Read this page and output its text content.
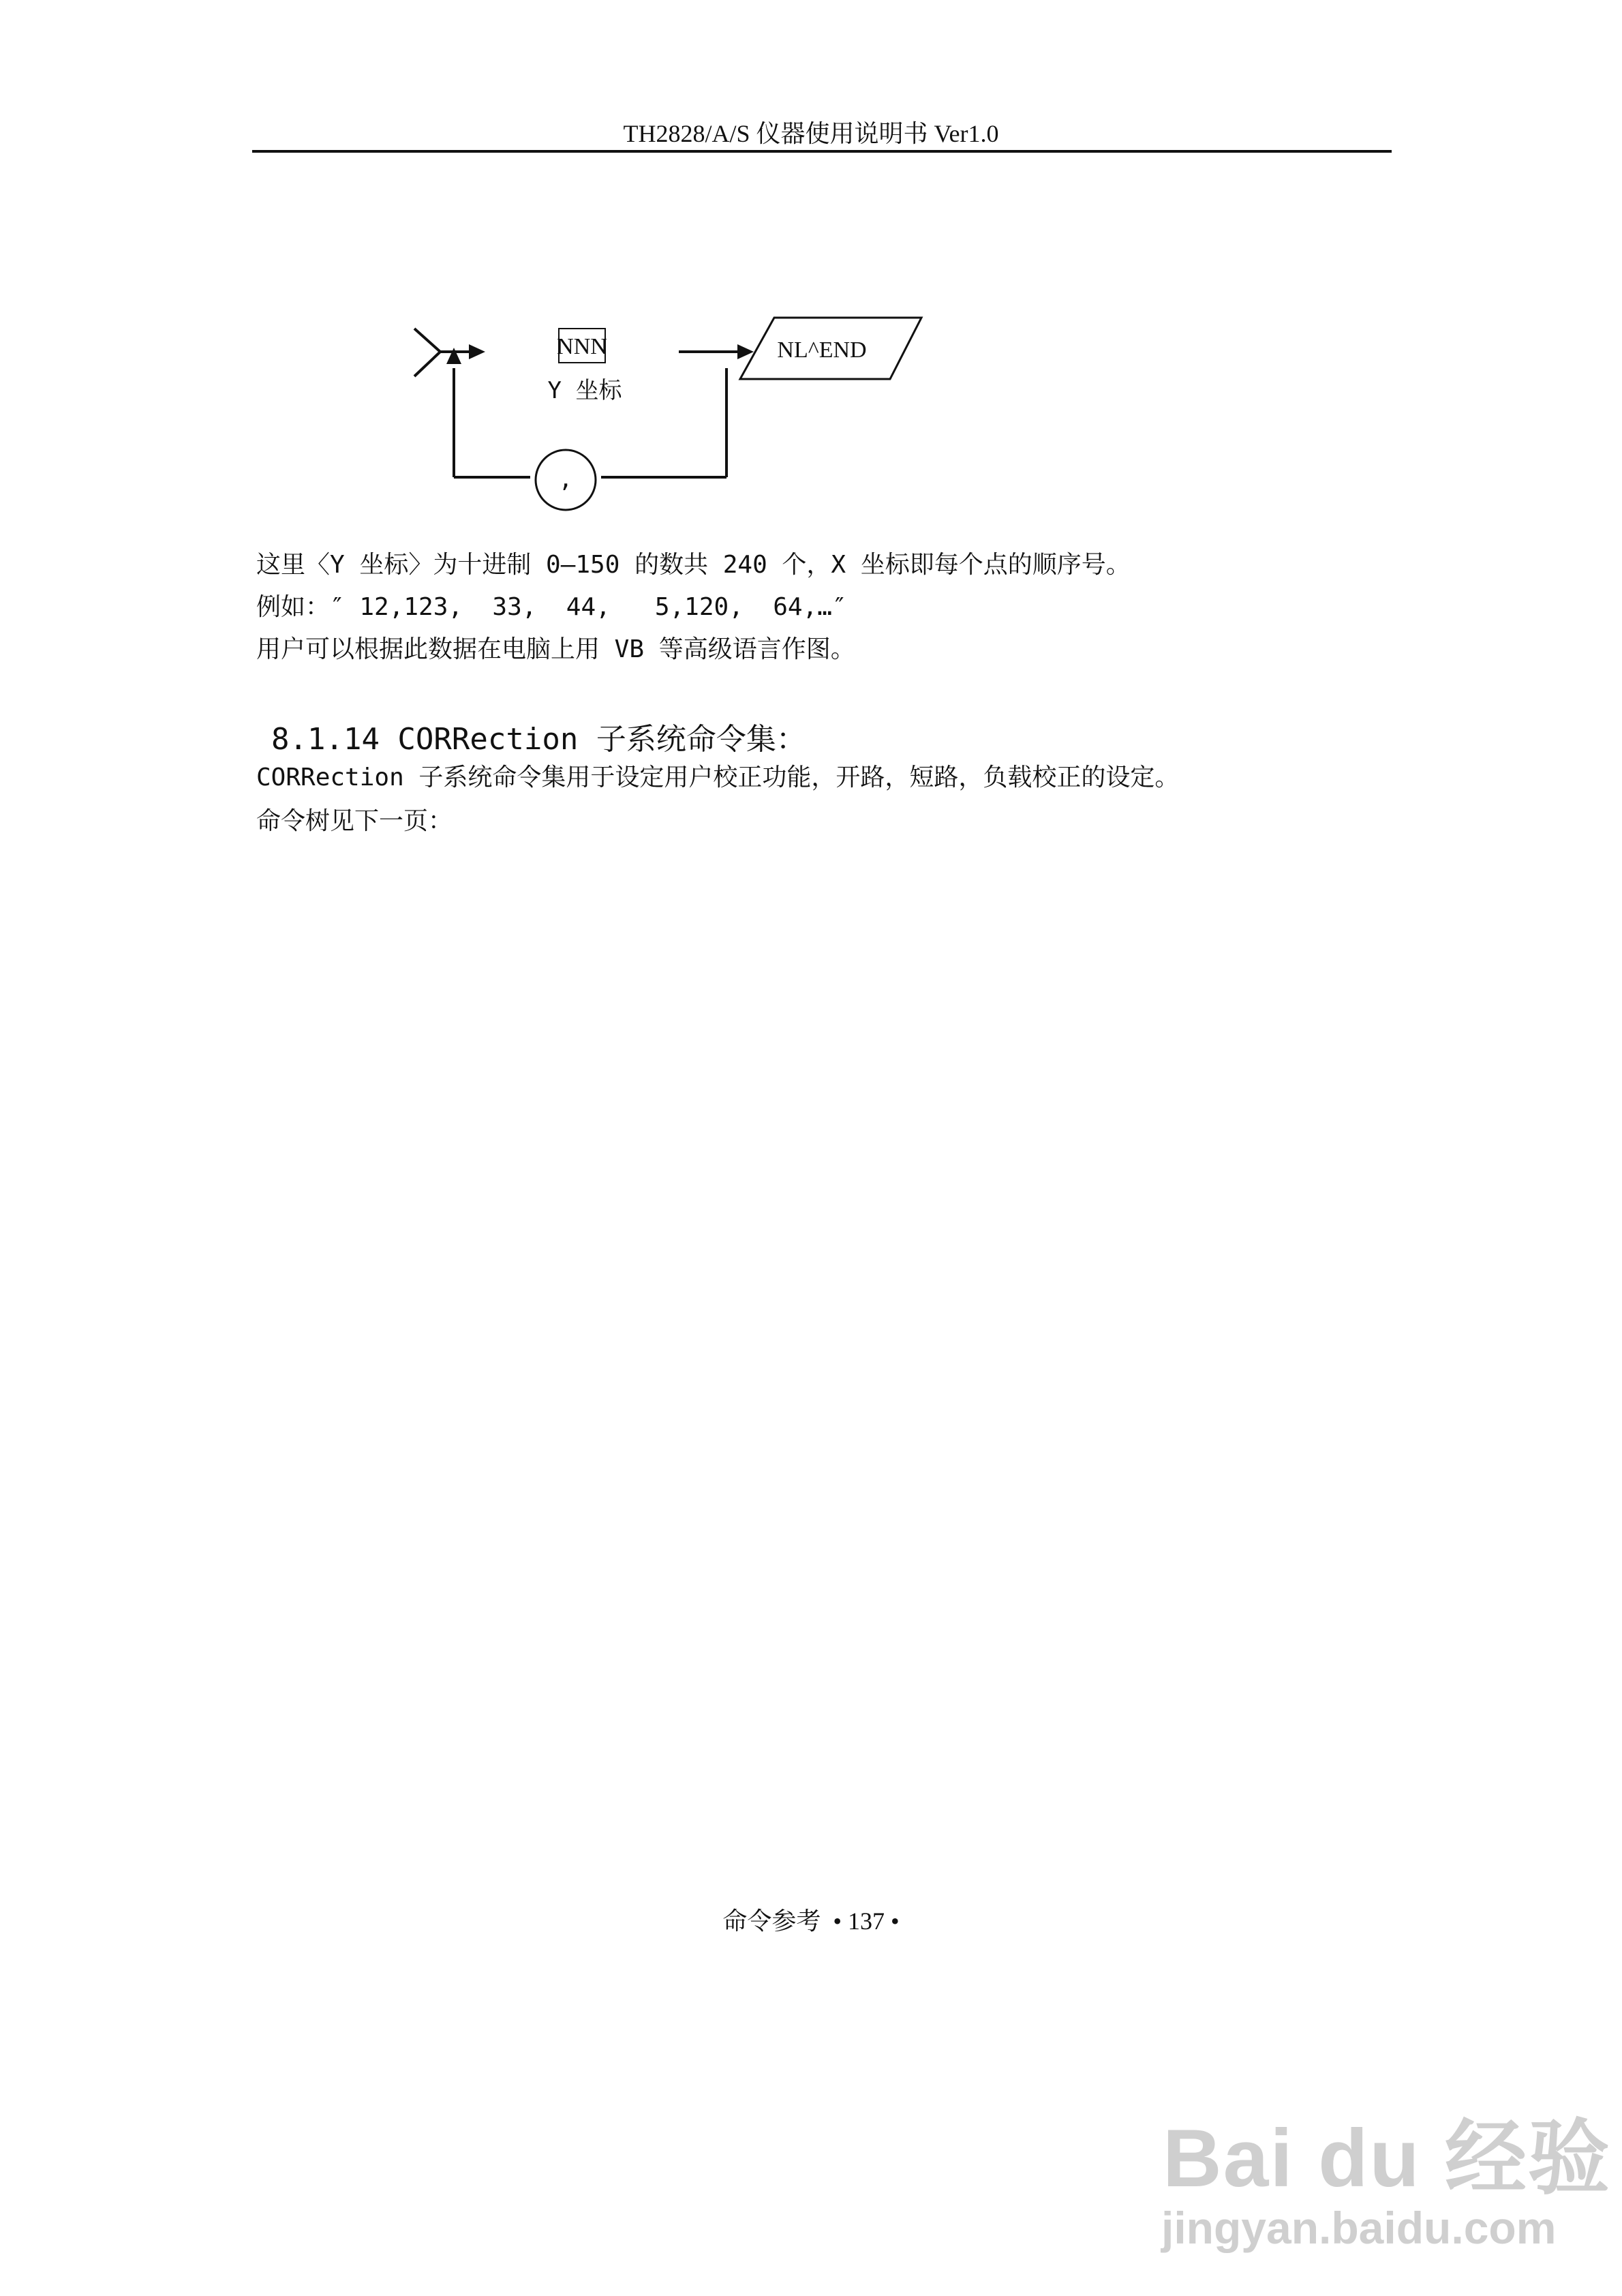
TH2828/A/S 仪器使用说明书 Ver1.0
NNN
Y 坐标
,
NL^END
这里〈Y 坐标〉为十进制 0—150 的数共 240 个，X 坐标即每个点的顺序号。
例如：″ 12,123,  33,  44,   5,120,  64,…″
用户可以根据此数据在电脑上用 VB 等高级语言作图。
8.1.14 CORRection 子系统命令集：
CORRection 子系统命令集用于设定用户校正功能，开路，短路，负载校正的设定。
命令树见下一页：
命令参考  • 137 •
Bai du 经验
jingyan.baidu.com
